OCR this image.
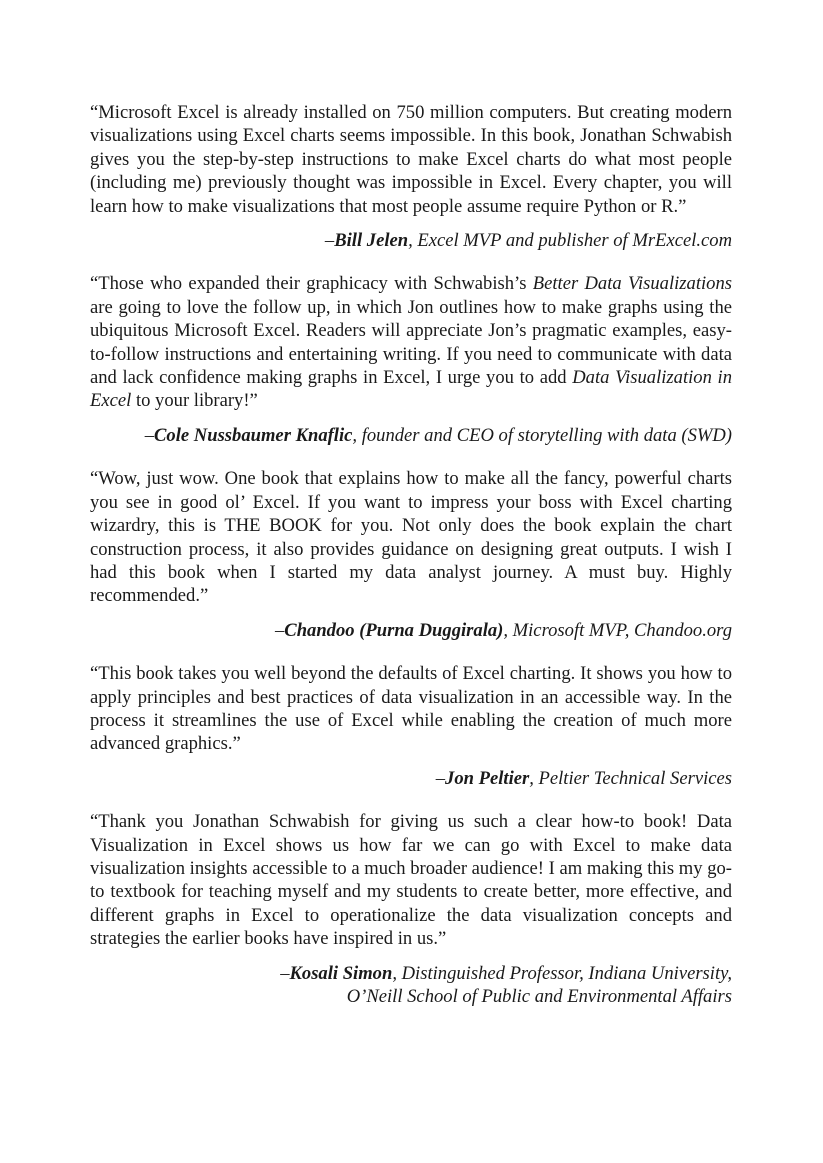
“Microsoft Excel is already installed on 750 million computers. But creating modern visualizations using Excel charts seems impossible. In this book, Jonathan Schwabish gives you the step-by-step instructions to make Excel charts do what most people (including me) previously thought was impossible in Excel. Every chapter, you will learn how to make visualizations that most people assume require Python or R.”

–Bill Jelen, Excel MVP and publisher of MrExcel.com

“Those who expanded their graphicacy with Schwabish’s Better Data Visualizations are going to love the follow up, in which Jon outlines how to make graphs using the ubiquitous Microsoft Excel. Readers will appreciate Jon’s pragmatic examples, easy-to-follow instructions and entertaining writing. If you need to communicate with data and lack confidence making graphs in Excel, I urge you to add Data Visualization in Excel to your library!”

–Cole Nussbaumer Knaflic, founder and CEO of storytelling with data (SWD)

“Wow, just wow. One book that explains how to make all the fancy, powerful charts you see in good ol’ Excel. If you want to impress your boss with Excel charting wizardry, this is THE BOOK for you. Not only does the book explain the chart construction process, it also provides guidance on designing great outputs. I wish I had this book when I started my data analyst journey. A must buy. Highly recommended.”

–Chandoo (Purna Duggirala), Microsoft MVP, Chandoo.org

“This book takes you well beyond the defaults of Excel charting. It shows you how to apply principles and best practices of data visualization in an accessible way. In the process it streamlines the use of Excel while enabling the creation of much more advanced graphics.”

–Jon Peltier, Peltier Technical Services

“Thank you Jonathan Schwabish for giving us such a clear how-to book! Data Visualization in Excel shows us how far we can go with Excel to make data visualization insights accessible to a much broader audience! I am making this my go-to textbook for teaching myself and my students to create better, more effective, and different graphs in Excel to operationalize the data visualization concepts and strategies the earlier books have inspired in us.”

–Kosali Simon, Distinguished Professor, Indiana University,
O’Neill School of Public and Environmental Affairs
